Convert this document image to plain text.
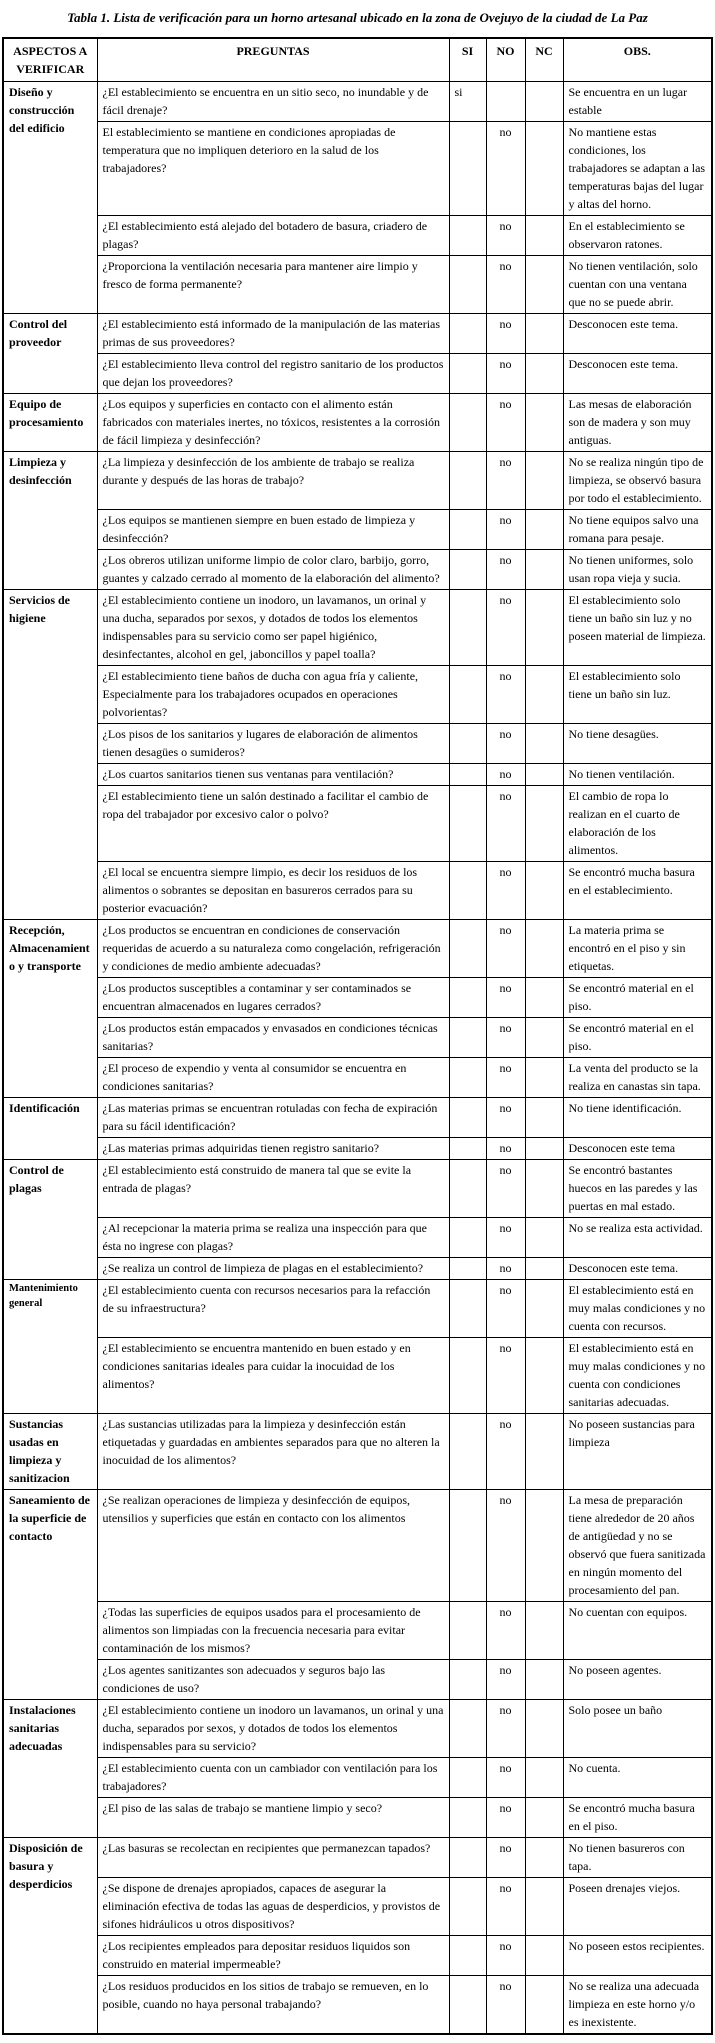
Tabla 1. Lista de verificación para un horno artesanal ubicado en la zona de Ovejuyo de la ciudad de La Paz
ASPECTOS A VERIFICAR	PREGUNTAS	SI	NO	NC	OBS.
Diseño y construcción del edificio	¿El establecimiento se encuentra en un sitio seco, no inundable y de fácil drenaje?	si			Se encuentra en un lugar estable
	El establecimiento se mantiene en condiciones apropiadas de temperatura que no impliquen deterioro en la salud de los trabajadores?		no		No mantiene estas condiciones, los trabajadores se adaptan a las temperaturas bajas del lugar y altas del horno.
	¿El establecimiento está alejado del botadero de basura, criadero de plagas?		no		En el establecimiento se observaron ratones.
	¿Proporciona la ventilación necesaria para mantener aire limpio y fresco de forma permanente?		no		No tienen ventilación, solo cuentan con una ventana que no se puede abrir.
Control del proveedor	¿El establecimiento está informado de la manipulación de las materias primas de sus proveedores?		no		Desconocen este tema.
	¿El establecimiento lleva control del registro sanitario de los productos que dejan los proveedores?		no		Desconocen este tema.
Equipo de procesamiento	¿Los equipos y superficies en contacto con el alimento están fabricados con materiales inertes, no tóxicos, resistentes a la corrosión de fácil limpieza y desinfección?		no		Las mesas de elaboración son de madera y son muy antiguas.
Limpieza y desinfección	¿La limpieza y desinfección de los ambiente de trabajo se realiza durante y después de las horas de trabajo?		no		No se realiza ningún tipo de limpieza, se observó basura por todo el establecimiento.
	¿Los equipos se mantienen siempre en buen estado de limpieza y desinfección?		no		No tiene equipos salvo una romana para pesaje.
	¿Los obreros utilizan uniforme limpio de color claro, barbijo, gorro, guantes y calzado cerrado al momento de la elaboración del alimento?		no		No tienen uniformes, solo usan ropa vieja y sucia.
Servicios de higiene	¿El establecimiento contiene un inodoro, un lavamanos, un orinal y una ducha, separados por sexos, y dotados de todos los elementos indispensables para su servicio como ser papel higiénico, desinfectantes, alcohol en gel, jaboncillos y papel toalla?		no		El establecimiento solo tiene un baño sin luz y no poseen material de limpieza.
	¿El establecimiento tiene baños de ducha con agua fría y caliente, Especialmente para los trabajadores ocupados en operaciones polvorientas?		no		El establecimiento solo tiene un baño sin luz.
	¿Los pisos de los sanitarios y lugares de elaboración de alimentos tienen desagües o sumideros?		no		No tiene desagües.
	¿Los cuartos sanitarios tienen sus ventanas para ventilación?		no		No tienen ventilación.
	¿El establecimiento tiene un salón destinado a facilitar el cambio de ropa del trabajador por excesivo calor o polvo?		no		El cambio de ropa lo realizan en el cuarto de elaboración de los alimentos.
	¿El local se encuentra siempre limpio, es decir los residuos de los alimentos o sobrantes se depositan en basureros cerrados para su posterior evacuación?		no		Se encontró mucha basura en el establecimiento.
Recepción, Almacenamiento y transporte	¿Los productos se encuentran en condiciones de conservación requeridas de acuerdo a su naturaleza como congelación, refrigeración y condiciones de medio ambiente adecuadas?		no		La materia prima se encontró en el piso y sin etiquetas.
	¿Los productos susceptibles a contaminar y ser contaminados se encuentran almacenados en lugares cerrados?		no		Se encontró material en el piso.
	¿Los productos están empacados y envasados en condiciones técnicas sanitarias?		no		Se encontró material en el piso.
	¿El proceso de expendio y venta al consumidor se encuentra en condiciones sanitarias?		no		La venta del producto se la realiza en canastas sin tapa.
Identificación	¿Las materias primas se encuentran rotuladas con fecha de expiración para su fácil identificación?		no		No tiene identificación.
	¿Las materias primas adquiridas tienen registro sanitario?		no		Desconocen este tema
Control de plagas	¿El establecimiento está construido de manera tal que se evite la entrada de plagas?		no		Se encontró bastantes huecos en las paredes y las puertas en mal estado.
	¿Al recepcionar la materia prima se realiza una inspección para que ésta no ingrese con plagas?		no		No se realiza esta actividad.
	¿Se realiza un control de limpieza de plagas en el establecimiento?		no		Desconocen este tema.
Mantenimiento general	¿El establecimiento cuenta con recursos necesarios para la refacción de su infraestructura?		no		El establecimiento está en muy malas condiciones y no cuenta con recursos.
	¿El establecimiento se encuentra mantenido en buen estado y en condiciones sanitarias ideales para cuidar la inocuidad de los alimentos?		no		El establecimiento está en muy malas condiciones y no cuenta con condiciones sanitarias adecuadas.
Sustancias usadas en limpieza y sanitizacion	¿Las sustancias utilizadas para la limpieza y desinfección están etiquetadas y guardadas en ambientes separados para que no alteren la inocuidad de los alimentos?		no		No poseen sustancias para limpieza
Saneamiento de la superficie de contacto	¿Se realizan operaciones de limpieza y desinfección de equipos, utensilios y superficies que están en contacto con los alimentos		no		La mesa de preparación tiene alrededor de 20 años de antigüedad y no se observó que fuera sanitizada en ningún momento del procesamiento del pan.
	¿Todas las superficies de equipos usados para el procesamiento de alimentos son limpiadas con la frecuencia necesaria para evitar contaminación de los mismos?		no		No cuentan con equipos.
	¿Los agentes sanitizantes son adecuados y seguros bajo las condiciones de uso?		no		No poseen agentes.
Instalaciones sanitarias adecuadas	¿El establecimiento contiene un inodoro un lavamanos, un orinal y una ducha, separados por sexos, y dotados de todos los elementos indispensables para su servicio?		no		Solo posee un baño
	¿El establecimiento cuenta con un cambiador con ventilación para los trabajadores?		no		No cuenta.
	¿El piso de las salas de trabajo se mantiene limpio y seco?		no		Se encontró mucha basura en el piso.
Disposición de basura y desperdicios	¿Las basuras se recolectan en recipientes que permanezcan tapados?		no		No tienen basureros con tapa.
	¿Se dispone de drenajes apropiados, capaces de asegurar la eliminación efectiva de todas las aguas de desperdicios, y provistos de sifones hidráulicos u otros dispositivos?		no		Poseen drenajes viejos.
	¿Los recipientes empleados para depositar residuos liquidos son construido en material impermeable?		no		No poseen estos recipientes.
	¿Los residuos producidos en los sitios de trabajo se remueven, en lo posible, cuando no haya personal trabajando?		no		No se realiza una adecuada limpieza en este horno y/o es inexistente.
